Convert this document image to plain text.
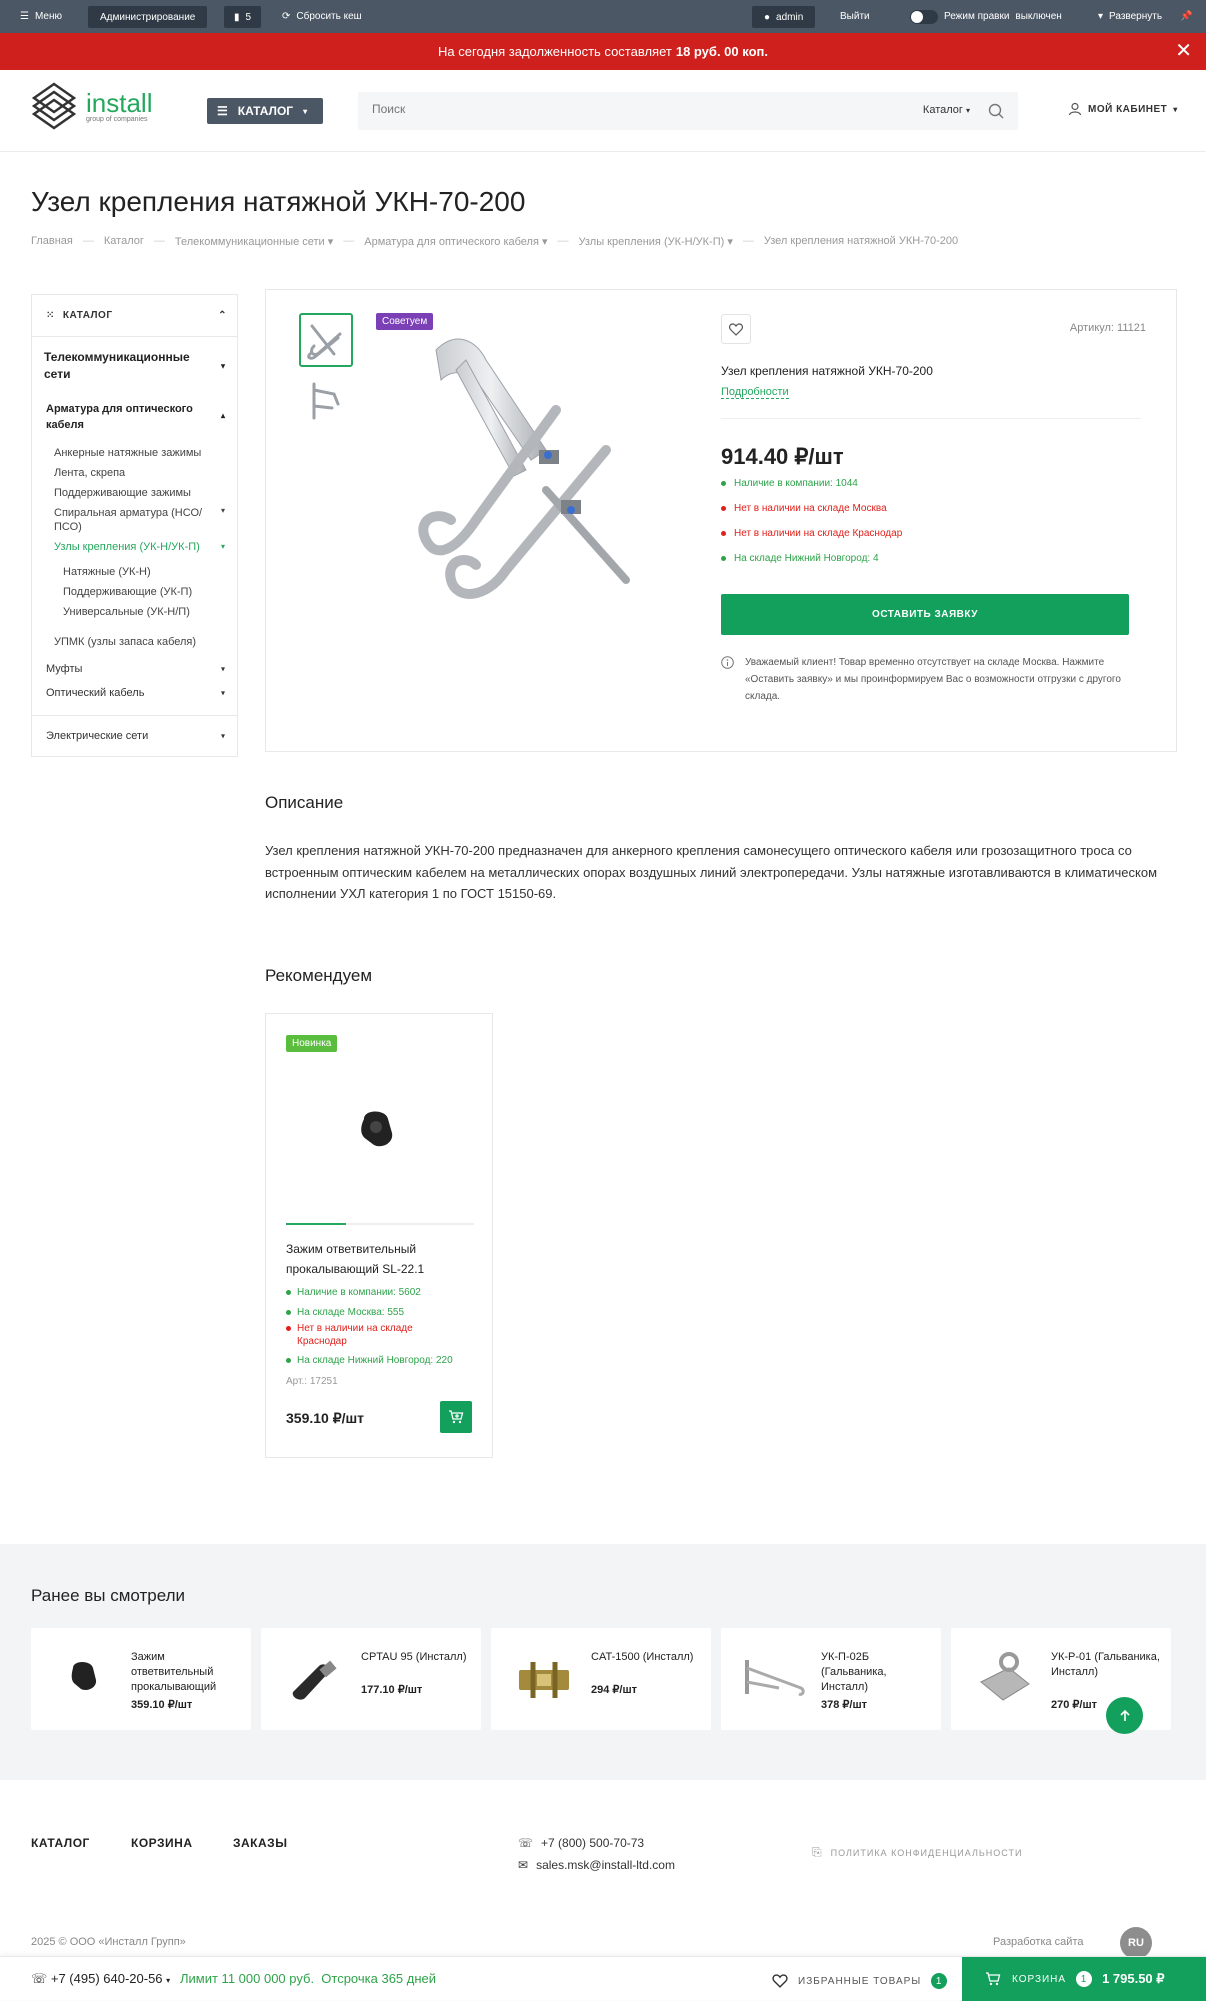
☰ Меню	Администрирование	▮ 5	⟳ Сбросить кеш	● admin	Выйти	Режим правки выключен	▾ Развернуть 📌
На сегодня задолженность составляет 18 руб. 00 коп.	✕
install
group of companies
☰ КАТАЛОГ ▾
Поиск	Каталог ▾	МОЙ КАБИНЕТ ▾
Узел крепления натяжной УКН-70-200
Главная — Каталог — Телекоммуникационные сети ▾ — Арматура для оптического кабеля ▾ — Узлы крепления (УК-Н/УК-П) ▾ — Узел крепления натяжной УКН-70-200
⁙ КАТАЛОГ	⌃
Телекоммуникационные сети
▾
Арматура для оптического кабеля
▴
Анкерные натяжные зажимы
Лента, скрепа
Поддерживающие зажимы
Спиральная арматура (НСО/ПСО)
▾
Узлы крепления (УК-Н/УК-П)	▾
Натяжные (УК-Н)
Поддерживающие (УК-П)
Универсальные (УК-Н/П)
УПМК (узлы запаса кабеля)
Муфты	▾
Оптический кабель	▾
Электрические сети	▾
Советуем
Артикул: 11121
Узел крепления натяжной УКН-70-200
Подробности
914.40 ₽/шт
Наличие в компании: 1044
Нет в наличии на складе Москва
Нет в наличии на складе Краснодар
На складе Нижний Новгород: 4
ОСТАВИТЬ ЗАЯВКУ
Уважаемый клиент! Товар временно отсутствует на складе Москва. Нажмите «Оставить заявку» и мы проинформируем Вас о возможности отгрузки с другого склада.
Описание
Узел крепления натяжной УКН-70-200 предназначен для анкерного крепления самонесущего оптического кабеля или грозозащитного троса со встроенным оптическим кабелем на металлических опорах воздушных линий электропередачи. Узлы натяжные изготавливаются в климатическом исполнении УХЛ категория 1 по ГОСТ 15150-69.
Рекомендуем
Новинка
Зажим ответвительный прокалывающий SL-22.1
Наличие в компании: 5602
На складе Москва: 555
Нет в наличии на складе Краснодар
На складе Нижний Новгород: 220
Арт.: 17251
359.10 ₽/шт
Ранее вы смотрели
Зажим ответвительный прокалывающий
359.10 ₽/шт
CPTAU 95 (Инсталл)
177.10 ₽/шт
CAT-1500 (Инсталл)
294 ₽/шт
УК-П-02Б (Гальваника, Инсталл)
378 ₽/шт
УК-Р-01 (Гальваника, Инсталл)
270 ₽/шт
КАТАЛОГ	КОРЗИНА	ЗАКАЗЫ	☏ +7 (800) 500-70-73
✉ sales.msk@install-ltd.com
⎘ ПОЛИТИКА КОНФИДЕНЦИАЛЬНОСТИ
2025 © ООО «Инсталл Групп»	Разработка сайта	RU
☏ +7 (495) 640-20-56 ▾ Лимит 11 000 000 руб.  Отсрочка 365 дней	ИЗБРАННЫЕ ТОВАРЫ	1	КОРЗИНА	1	1 795.50 ₽
